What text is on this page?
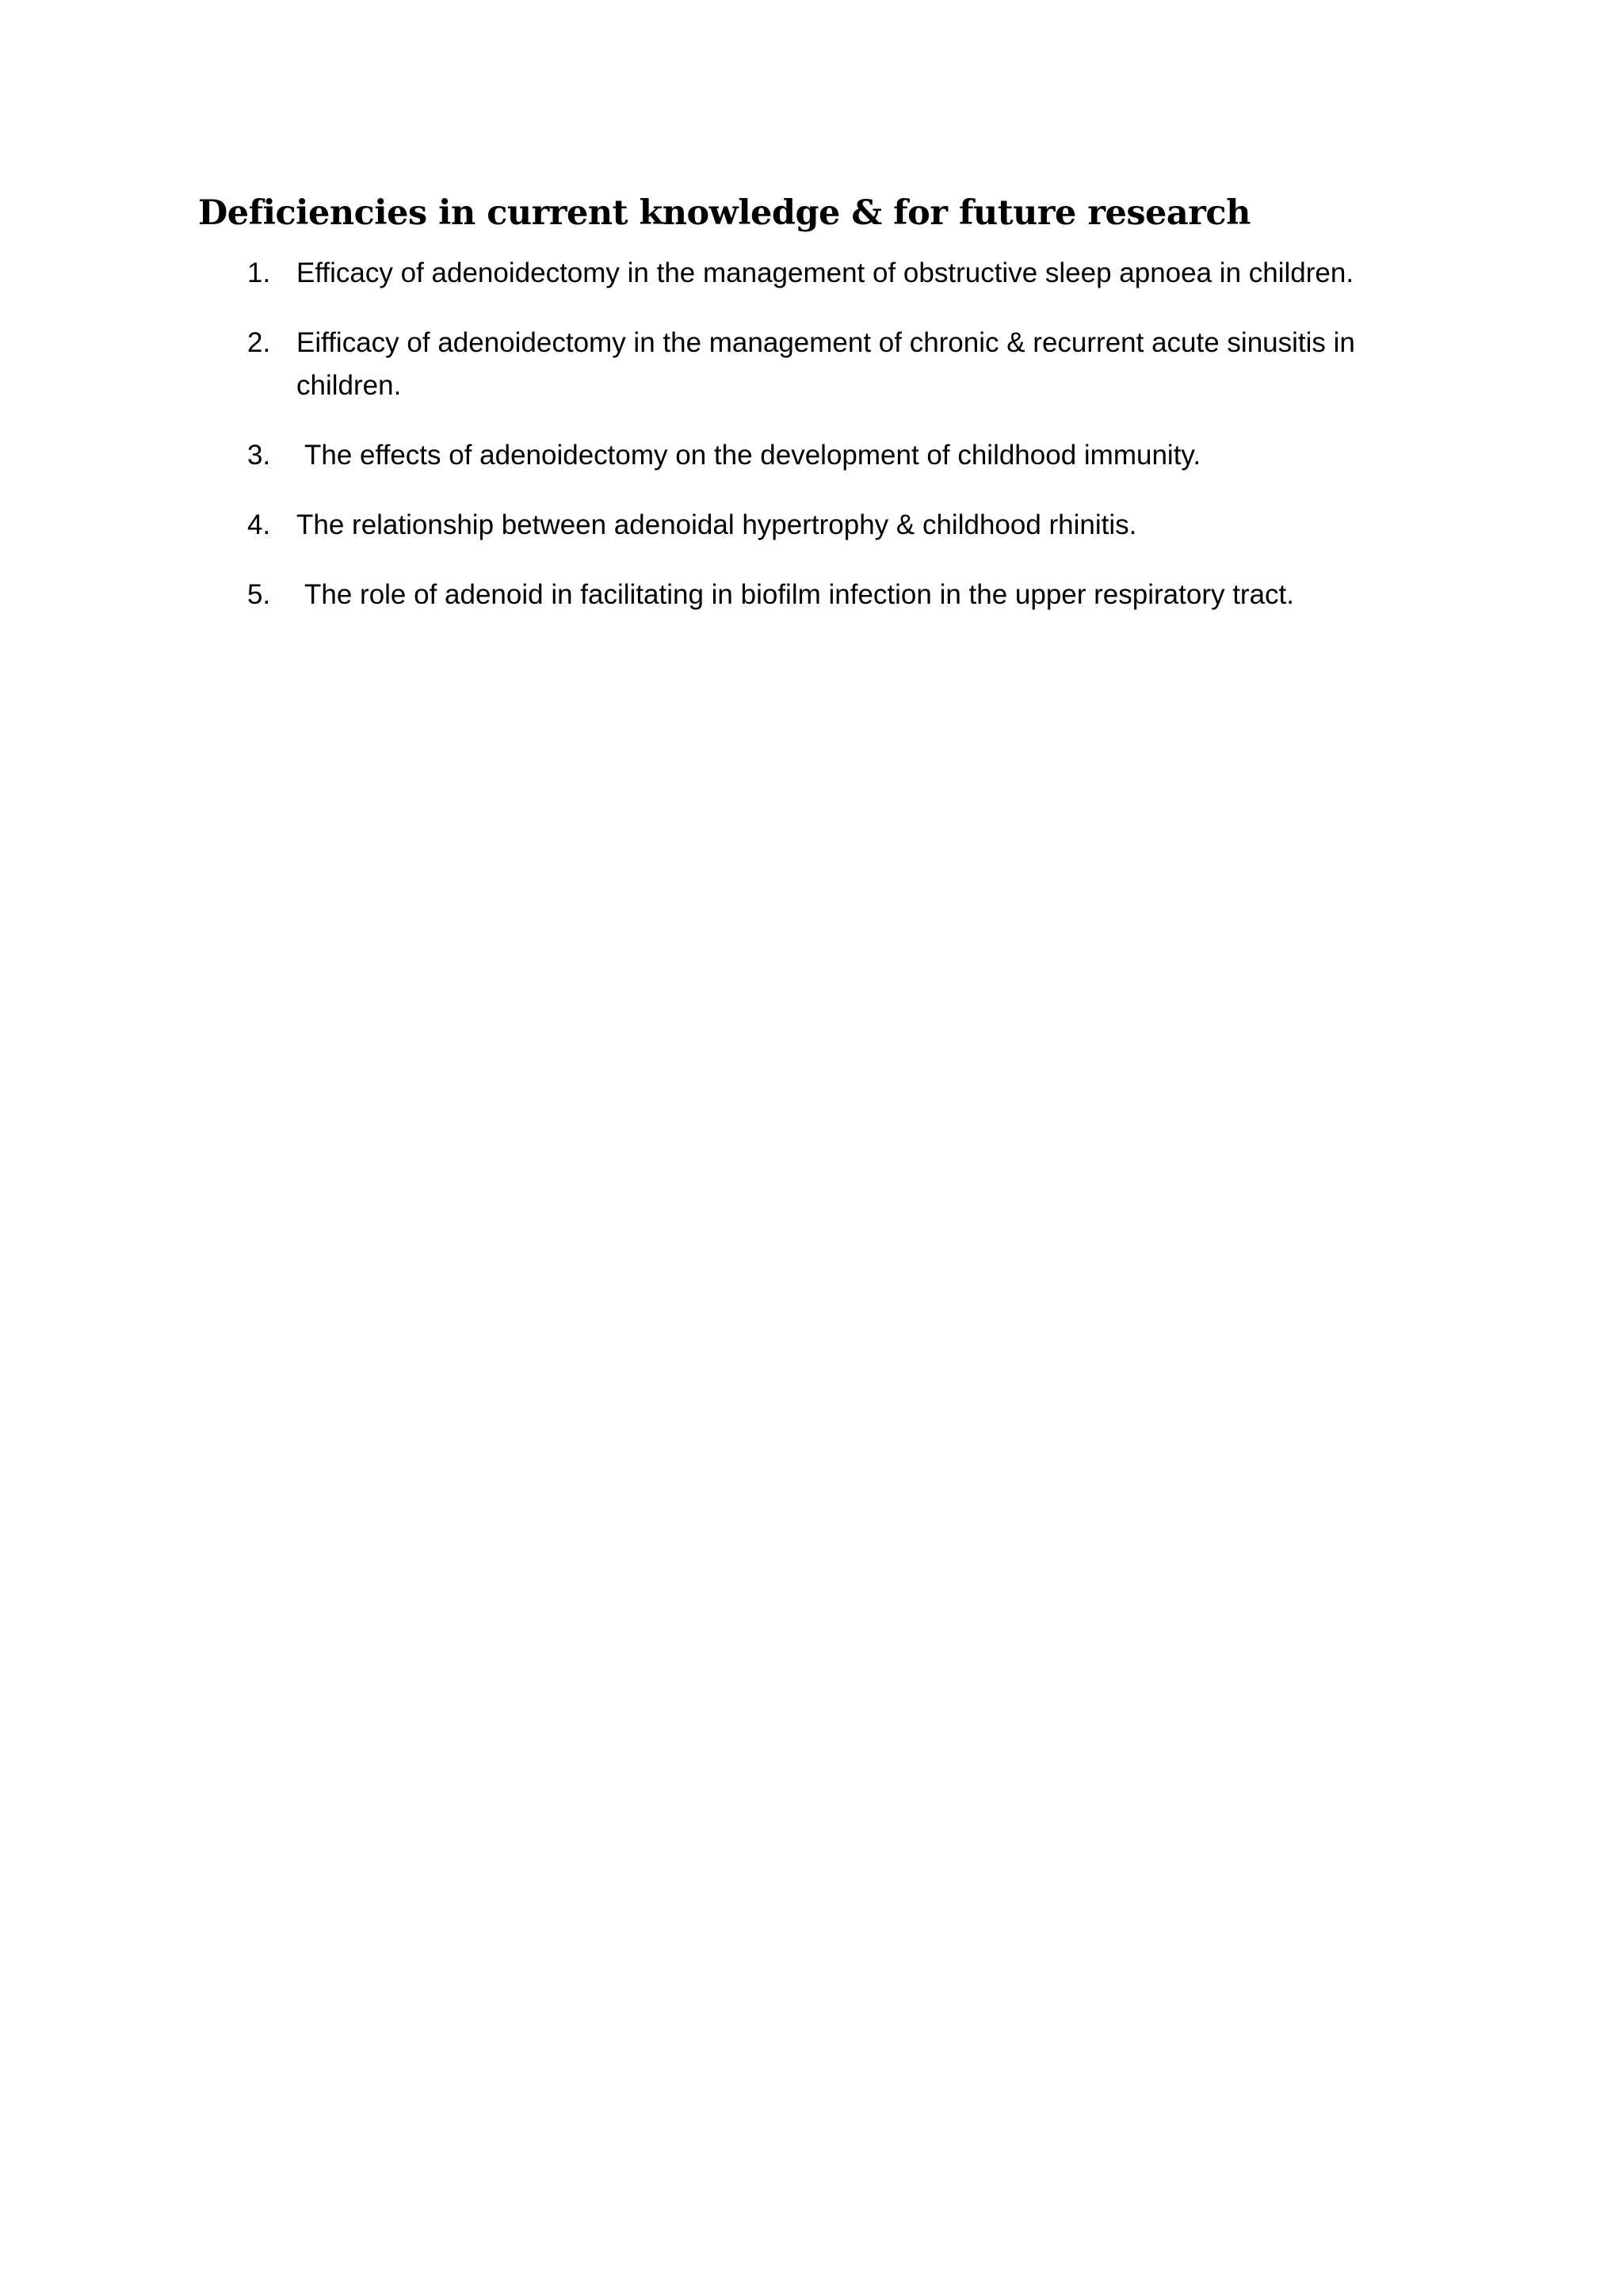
Deficiencies in current knowledge & for future research
1. Efficacy of adenoidectomy in the management of obstructive sleep apnoea in children.
2. Eifficacy of adenoidectomy in the management of chronic & recurrent acute sinusitis in children.
3. The effects of adenoidectomy on the development of childhood immunity.
4. The relationship between adenoidal hypertrophy & childhood rhinitis.
5. The role of adenoid in facilitating in biofilm infection in the upper respiratory tract.
